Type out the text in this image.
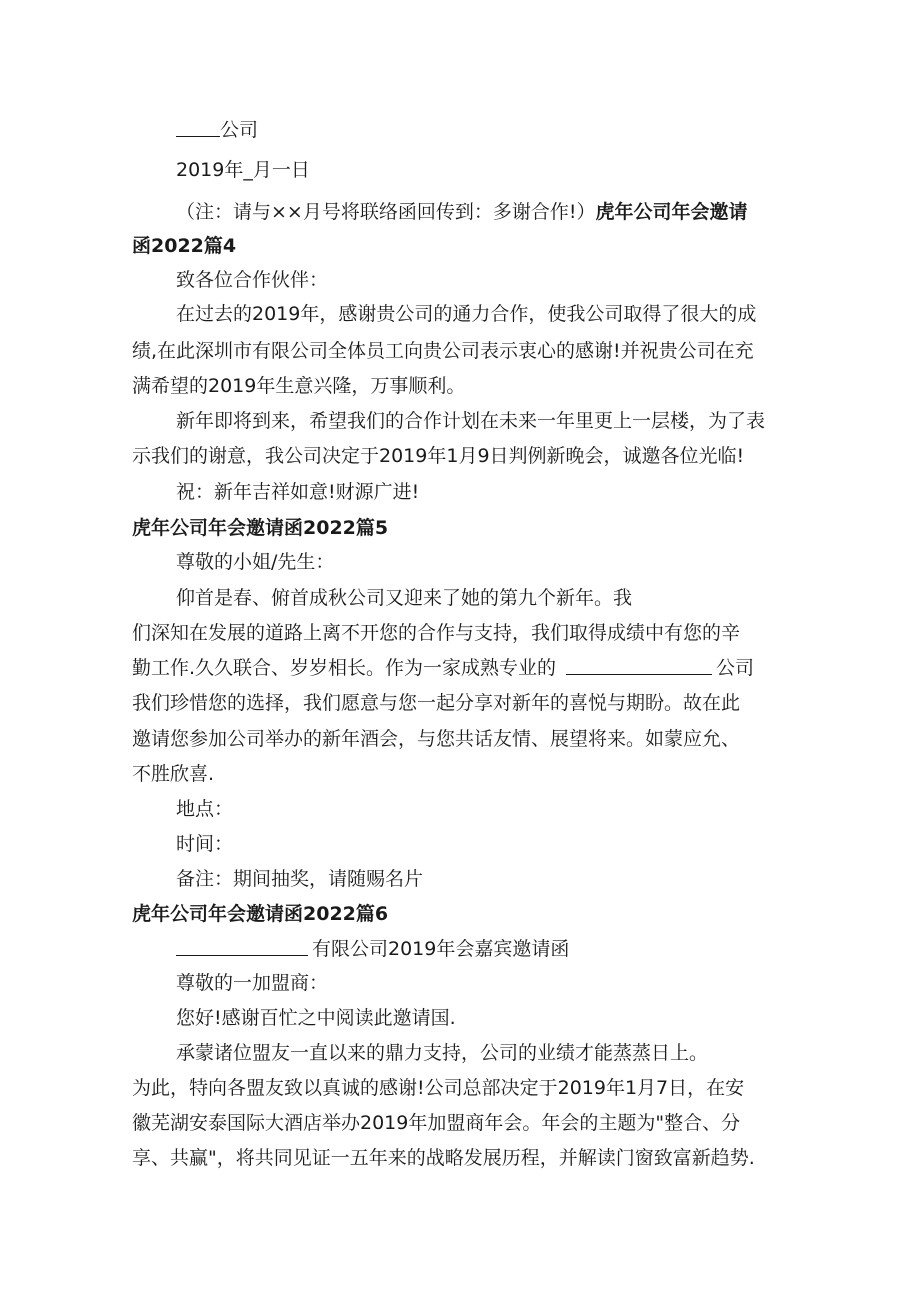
公司

2019年_月一日

（注：请与××月号将联络函回传到：多谢合作!）虎年公司年会邀请

函2022篇4

致各位合作伙伴：

在过去的2019年，感谢贵公司的通力合作，使我公司取得了很大的成

绩,在此深圳市有限公司全体员工向贵公司表示衷心的感谢!并祝贵公司在充

满希望的2019年生意兴隆，万事顺利。

新年即将到来，希望我们的合作计划在未来一年里更上一层楼，为了表

示我们的谢意，我公司决定于2019年1月9日判例新晚会，诚邀各位光临!

祝：新年吉祥如意!财源广进!

虎年公司年会邀请函2022篇5

尊敬的小姐/先生：

仰首是春、俯首成秋公司又迎来了她的第九个新年。我

们深知在发展的道路上离不开您的合作与支持，我们取得成绩中有您的辛

勤工作.久久联合、岁岁相长。作为一家成熟专业的	公司

我们珍惜您的选择，我们愿意与您一起分享对新年的喜悦与期盼。故在此

邀请您参加公司举办的新年酒会，与您共话友情、展望将来。如蒙应允、

不胜欣喜.

地点：

时间：

备注：期间抽奖，请随赐名片

虎年公司年会邀请函2022篇6

有限公司2019年会嘉宾邀请函

尊敬的一加盟商：

您好!感谢百忙之中阅读此邀请国.

承蒙诸位盟友一直以来的鼎力支持，公司的业绩才能蒸蒸日上。

为此，特向各盟友致以真诚的感谢!公司总部决定于2019年1月7日，在安

徽芜湖安泰国际大酒店举办2019年加盟商年会。年会的主题为"整合、分

享、共赢"，将共同见证一五年来的战略发展历程，并解读门窗致富新趋势.
